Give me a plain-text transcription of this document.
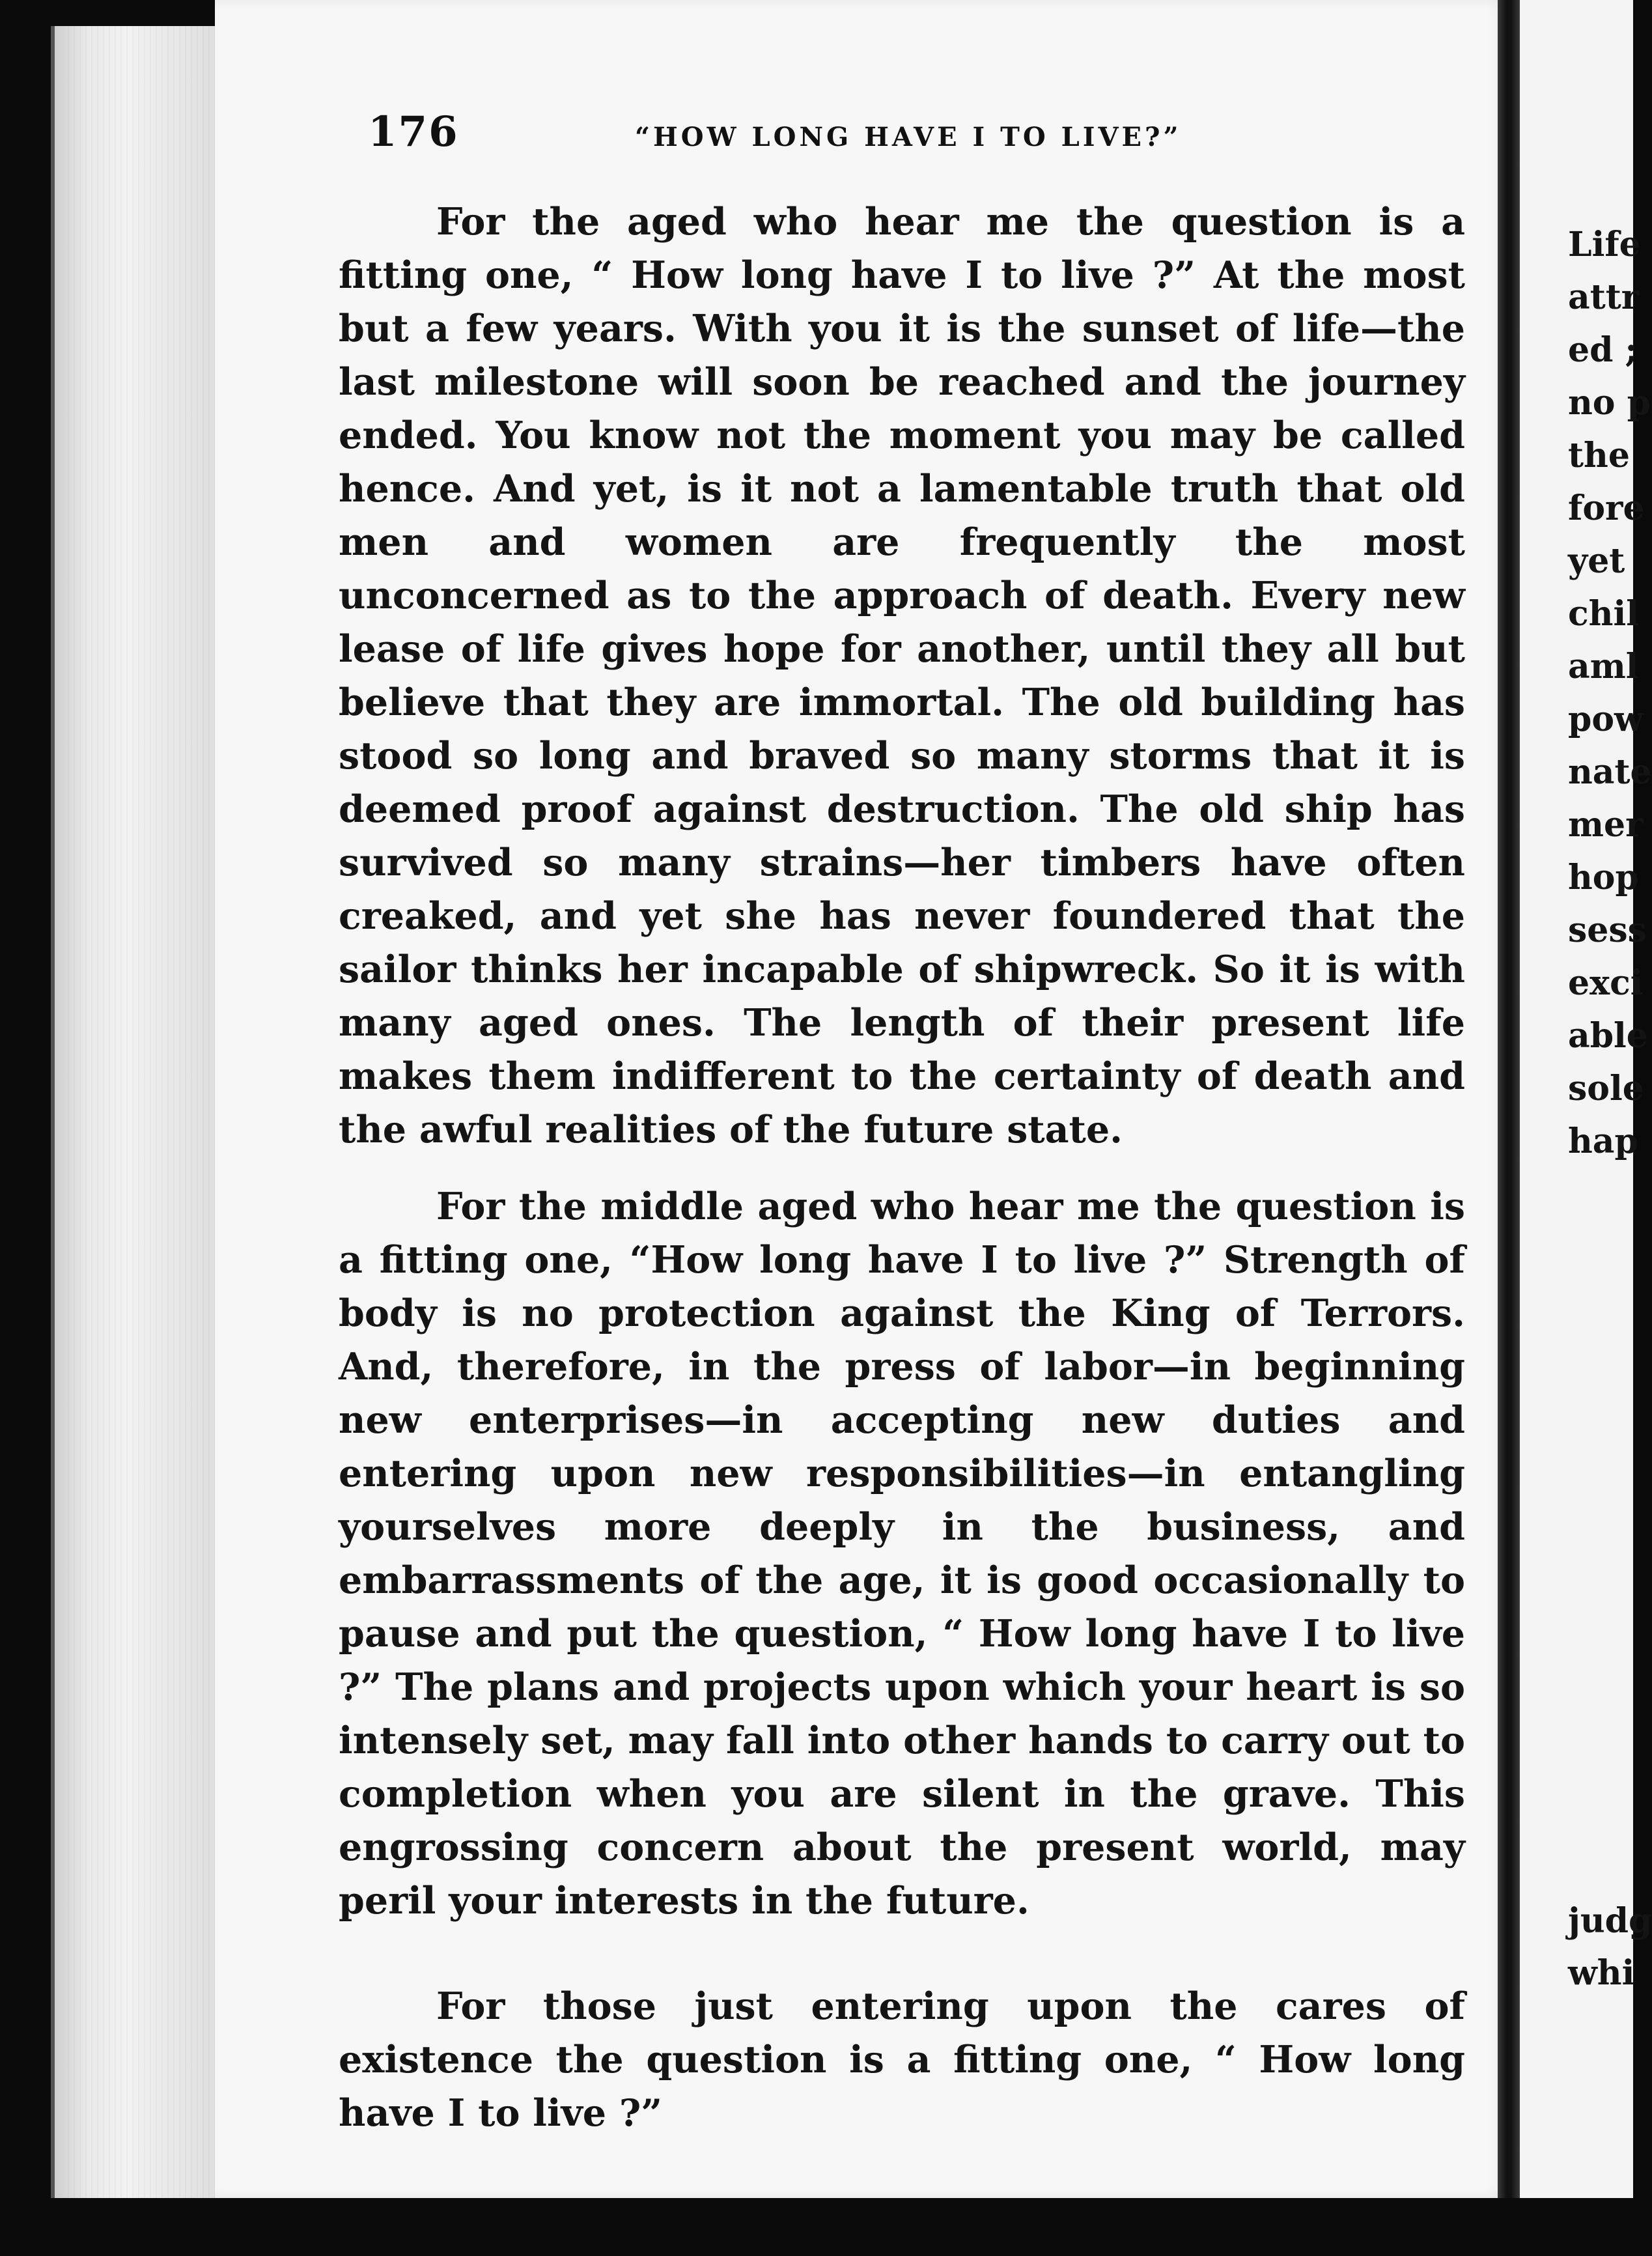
176	“HOW LONG HAVE I TO LIVE?”

For the aged who hear me the question is a fitting one, “ How long have I to live ?” At the most but a few years. With you it is the sunset of life—the last milestone will soon be reached and the journey ended. You know not the moment you may be called hence. And yet, is it not a lamentable truth that old men and women are frequently the most unconcerned as to the approach of death. Every new lease of life gives hope for another, until they all but believe that they are immortal. The old building has stood so long and braved so many storms that it is deemed proof against destruction. The old ship has survived so many strains—her timbers have often creaked, and yet she has never foundered that the sailor thinks her incapable of shipwreck. So it is with many aged ones. The length of their present life makes them indifferent to the certainty of death and the awful realities of the future state.

For the middle aged who hear me the question is a fitting one, “How long have I to live ?” Strength of body is no protection against the King of Terrors. And, therefore, in the press of labor—in beginning new enterprises—in accepting new duties and entering upon new responsibilities—in entangling yourselves more deeply in the business, and embarrassments of the age, it is good occasionally to pause and put the question, “ How long have I to live ?” The plans and projects upon which your heart is so intensely set, may fall into other hands to carry out to completion when you are silent in the grave. This engrossing concern about the present world, may peril your interests in the future.

For those just entering upon the cares of existence the question is a fitting one, “ How long have I to live ?”

Life
attr
ed ;
no p
the
fore
yet
chil
aml
pow
nate
mer
hop
sess
exci
able
sole
hap
judg
whi
